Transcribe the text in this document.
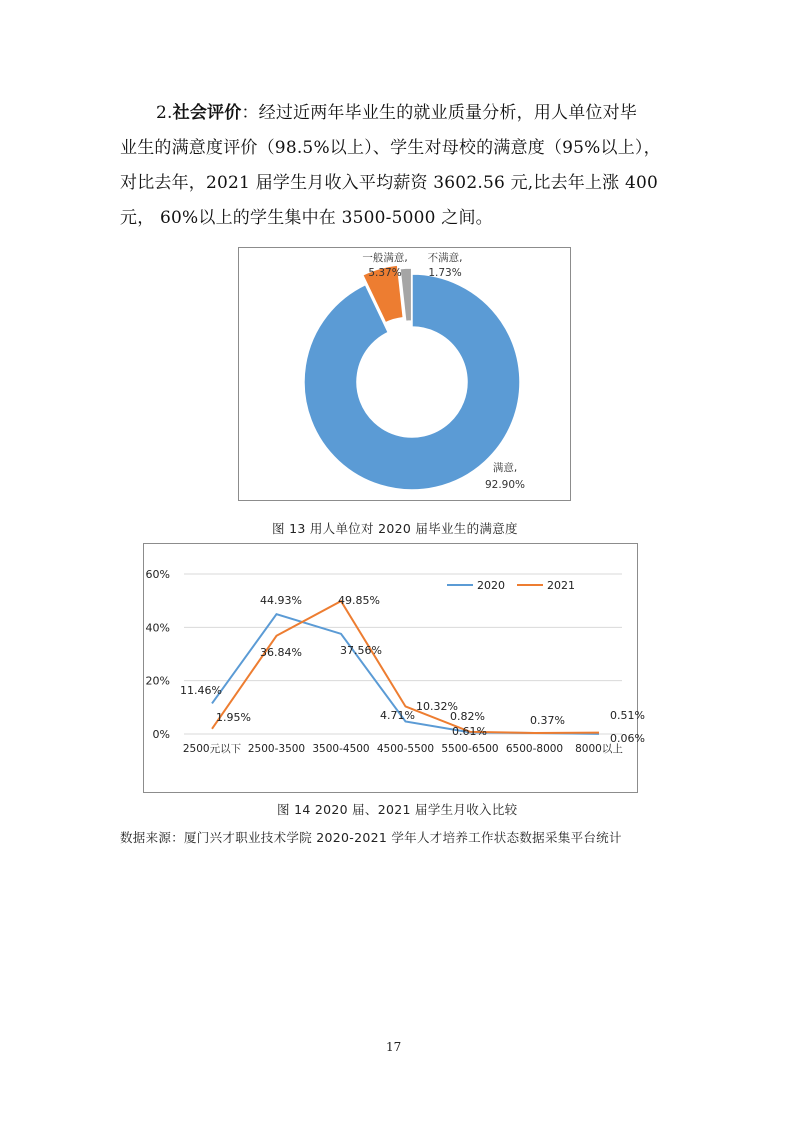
2.社会评价：经过近两年毕业生的就业质量分析，用人单位对毕
业生的满意度评价（98.5%以上）、学生对母校的满意度（95%以上），
对比去年，2021 届学生月收入平均薪资 3602.56 元,比去年上涨 400
元， 60%以上的学生集中在 3500-5000 之间。
满意,
92.90%
一般满意,
5.37%
不满意,
1.73%
图 13 用人单位对 2020 届毕业生的满意度
0%
20%
40%
60%
2500元以下 2500-3500 3500-4500 4500-5500 5500-6500 6500-8000 8000以上
11.46%
44.93%
37.56%
4.71%
0.61%
0.37%
0.06%
1.95%
36.84%
49.85%
10.32%
0.82%	0.51%
2020	2021
图 14 2020 届、2021 届学生月收入比较
数据来源：厦门兴才职业技术学院 2020-2021 学年人才培养工作状态数据采集平台统计
17
